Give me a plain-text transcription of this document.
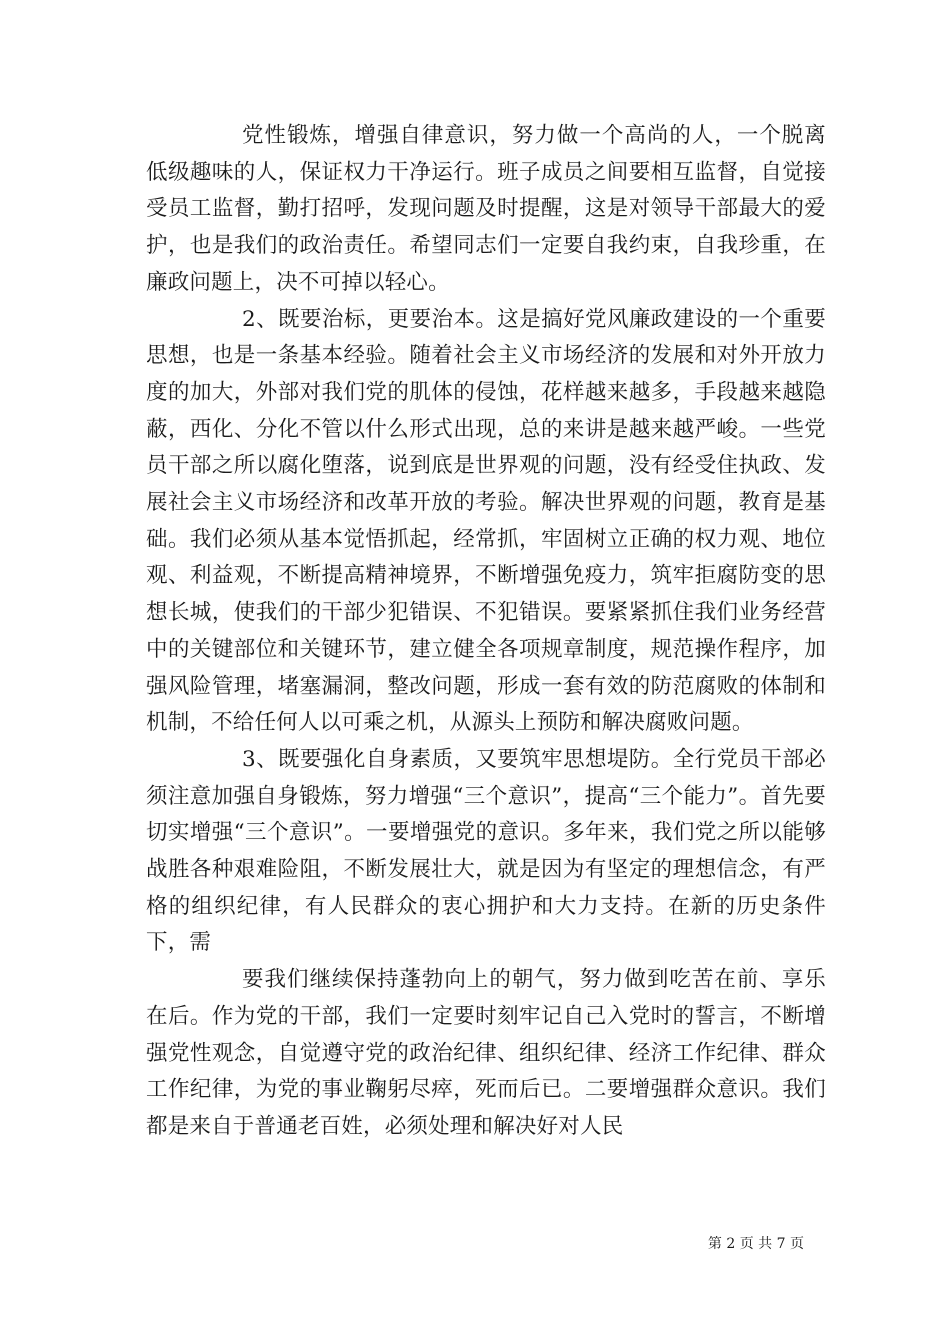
党性锻炼，增强自律意识，努力做一个高尚的人，一个脱离低级趣味的人，保证权力干净运行。班子成员之间要相互监督，自觉接受员工监督，勤打招呼，发现问题及时提醒，这是对领导干部最大的爱护，也是我们的政治责任。希望同志们一定要自我约束，自我珍重，在廉政问题上，决不可掉以轻心。

2、既要治标，更要治本。这是搞好党风廉政建设的一个重要思想，也是一条基本经验。随着社会主义市场经济的发展和对外开放力度的加大，外部对我们党的肌体的侵蚀，花样越来越多，手段越来越隐蔽，西化、分化不管以什么形式出现，总的来讲是越来越严峻。一些党员干部之所以腐化堕落，说到底是世界观的问题，没有经受住执政、发展社会主义市场经济和改革开放的考验。解决世界观的问题，教育是基础。我们必须从基本觉悟抓起，经常抓，牢固树立正确的权力观、地位观、利益观，不断提高精神境界，不断增强免疫力，筑牢拒腐防变的思想长城，使我们的干部少犯错误、不犯错误。要紧紧抓住我们业务经营中的关键部位和关键环节，建立健全各项规章制度，规范操作程序，加强风险管理，堵塞漏洞，整改问题，形成一套有效的防范腐败的体制和机制，不给任何人以可乘之机，从源头上预防和解决腐败问题。

3、既要强化自身素质，又要筑牢思想堤防。全行党员干部必须注意加强自身锻炼，努力增强“三个意识”，提高“三个能力”。首先要切实增强“三个意识”。一要增强党的意识。多年来，我们党之所以能够战胜各种艰难险阻，不断发展壮大，就是因为有坚定的理想信念，有严格的组织纪律，有人民群众的衷心拥护和大力支持。在新的历史条件下，需

要我们继续保持蓬勃向上的朝气，努力做到吃苦在前、享乐在后。作为党的干部，我们一定要时刻牢记自己入党时的誓言，不断增强党性观念，自觉遵守党的政治纪律、组织纪律、经济工作纪律、群众工作纪律，为党的事业鞠躬尽瘁，死而后已。二要增强群众意识。我们都是来自于普通老百姓，必须处理和解决好对人民

第 2 页 共 7 页
